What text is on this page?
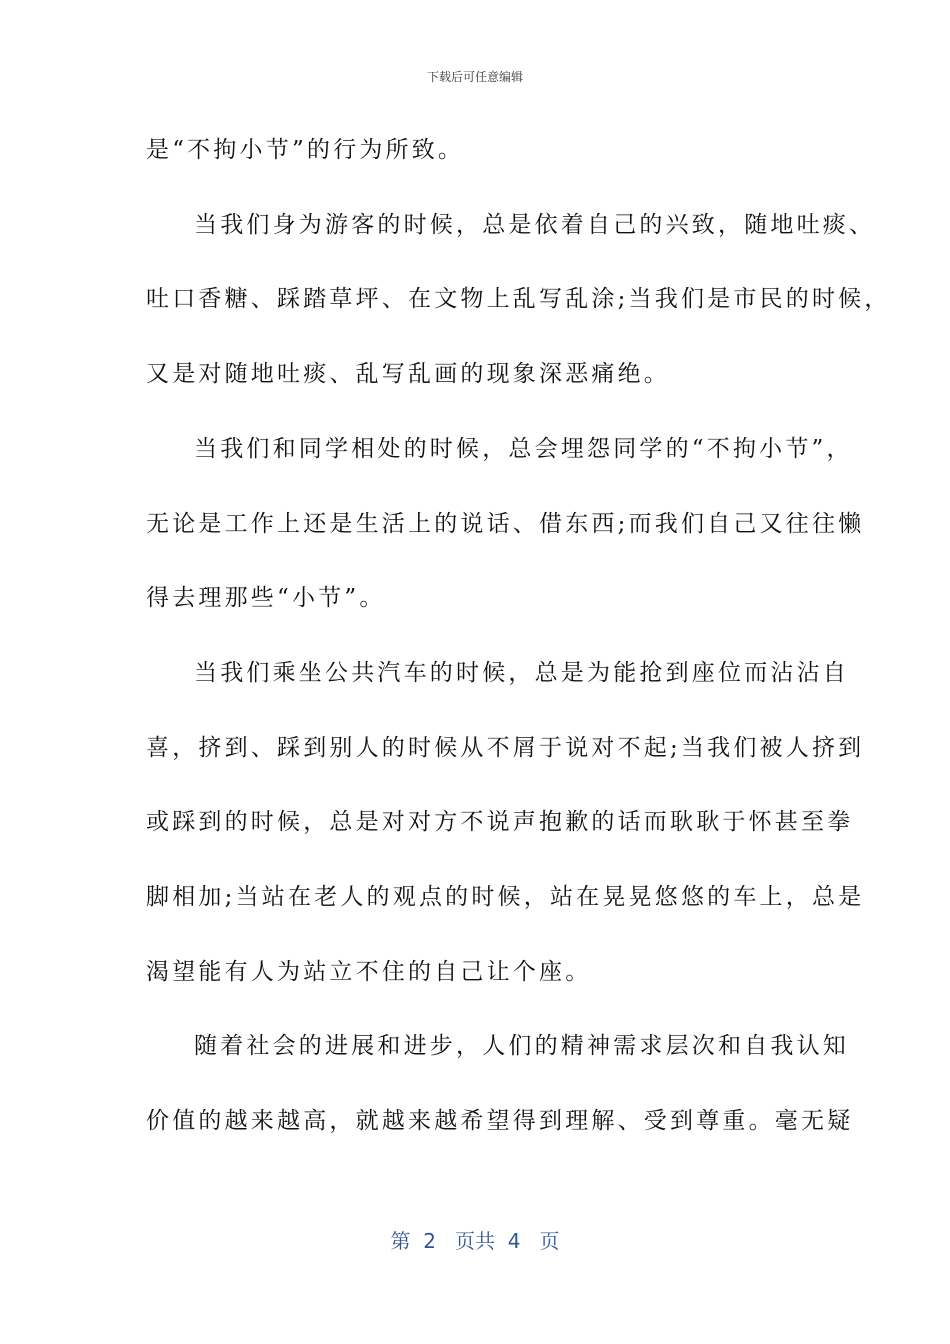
下载后可任意编辑
是“不拘小节”的行为所致。
当我们身为游客的时候，总是依着自己的兴致，随地吐痰、
吐口香糖、踩踏草坪、在文物上乱写乱涂;当我们是市民的时候，
又是对随地吐痰、乱写乱画的现象深恶痛绝。
当我们和同学相处的时候，总会埋怨同学的“不拘小节”，
无论是工作上还是生活上的说话、借东西;而我们自己又往往懒
得去理那些“小节”。
当我们乘坐公共汽车的时候，总是为能抢到座位而沾沾自
喜，挤到、踩到别人的时候从不屑于说对不起;当我们被人挤到
或踩到的时候，总是对对方不说声抱歉的话而耿耿于怀甚至拳
脚相加;当站在老人的观点的时候，站在晃晃悠悠的车上，总是
渴望能有人为站立不住的自己让个座。
随着社会的进展和进步，人们的精神需求层次和自我认知
价值的越来越高，就越来越希望得到理解、受到尊重。毫无疑
第  2   页共  4   页
